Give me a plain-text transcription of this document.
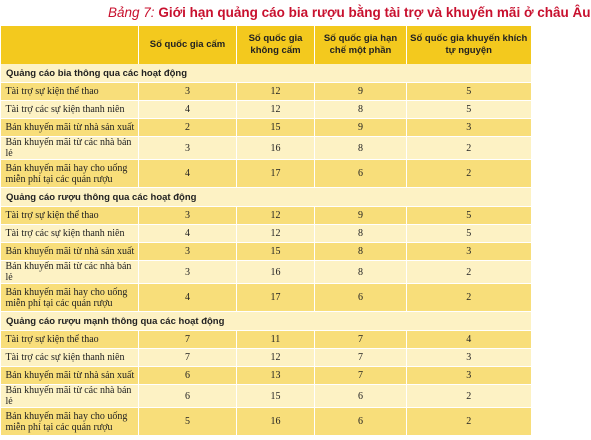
Bảng 7: Giới hạn quảng cáo bia rượu bằng tài trợ và khuyến mãi ở châu Âu
	Số quốc gia cấm	Số quốc gia không cấm	Số quốc gia hạn chế một phần	Số quốc gia khuyến khích tự nguyện
Quảng cáo bia thông qua các hoạt động				
Tài trợ sự kiện thể thao	3	12	9	5
Tài trợ các sự kiện thanh niên	4	12	8	5
Bán khuyến mãi từ nhà sản xuất	2	15	9	3
Bán khuyến mãi từ các nhà bán lẻ	3	16	8	2
Bán khuyến mãi hay cho uống miễn phí tại các quán rượu	4	17	6	2
Quảng cáo rượu thông qua các hoạt động				
Tài trợ sự kiện thể thao	3	12	9	5
Tài trợ các sự kiện thanh niên	4	12	8	5
Bán khuyến mãi từ nhà sản xuất	3	15	8	3
Bán khuyến mãi từ các nhà bán lẻ	3	16	8	2
Bán khuyến mãi hay cho uống miễn phí tại các quán rượu	4	17	6	2
Quảng cáo rượu mạnh thông qua các hoạt động				
Tài trợ sự kiện thể thao	7	11	7	4
Tài trợ các sự kiện thanh niên	7	12	7	3
Bán khuyến mãi từ nhà sản xuất	6	13	7	3
Bán khuyến mãi từ các nhà bán lẻ	6	15	6	2
Bán khuyến mãi hay cho uống miễn phí tại các quán rượu	5	16	6	2
